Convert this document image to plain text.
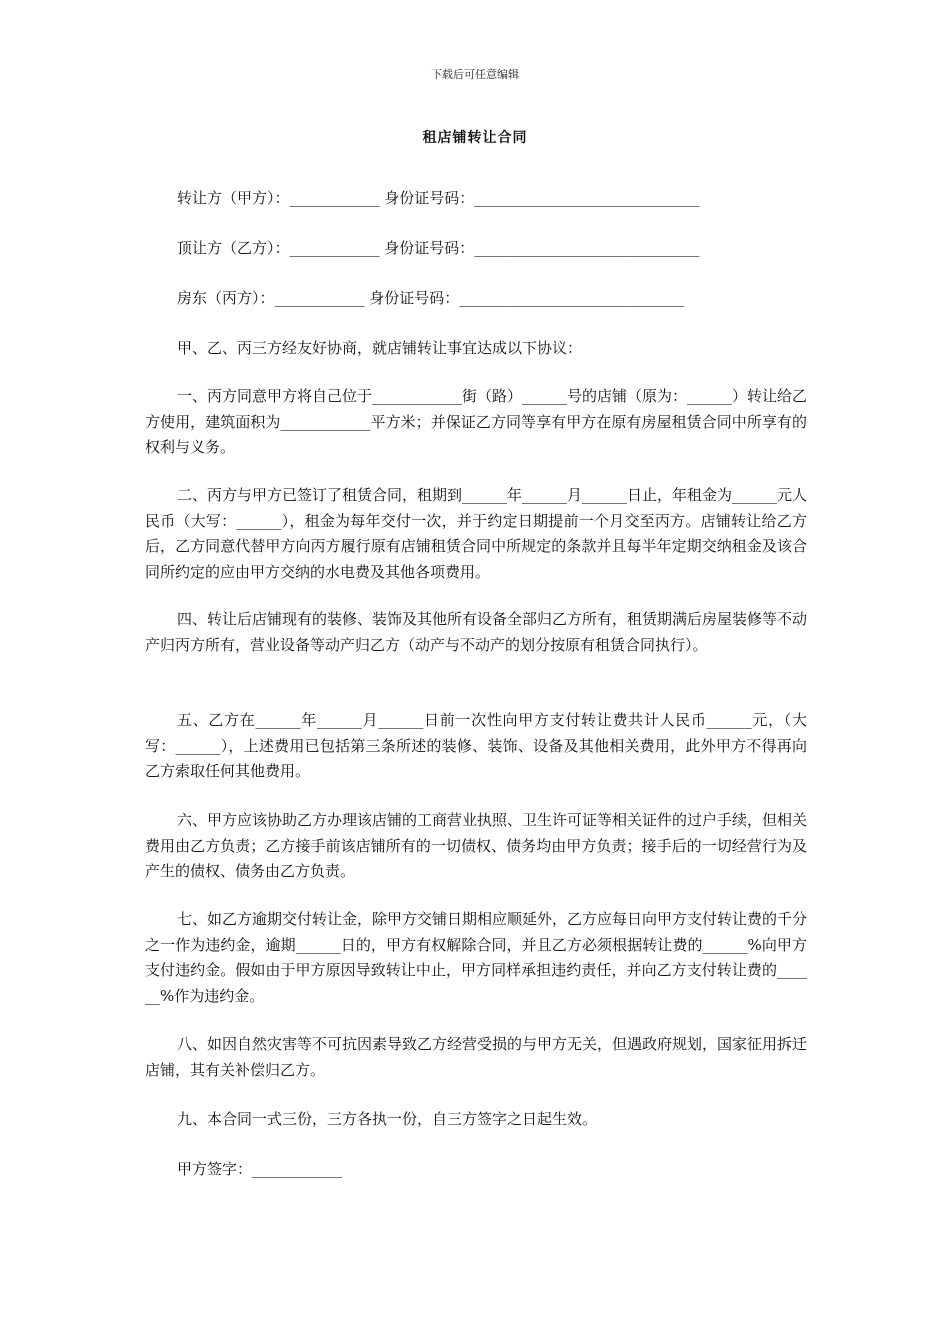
下载后可任意编辑
租店铺转让合同
转让方（甲方）：____________ 身份证号码：______________________________
顶让方（乙方）：____________ 身份证号码：______________________________
房东（丙方）：____________ 身份证号码：______________________________
甲、乙、丙三方经友好协商，就店铺转让事宜达成以下协议：
一、丙方同意甲方将自己位于____________街（路）______号的店铺（原为：______）转让给乙方使用，建筑面积为____________平方米；并保证乙方同等享有甲方在原有房屋租赁合同中所享有的权利与义务。
二、丙方与甲方已签订了租赁合同，租期到______年______月______日止，年租金为______元人民币（大写：______），租金为每年交付一次，并于约定日期提前一个月交至丙方。店铺转让给乙方后，乙方同意代替甲方向丙方履行原有店铺租赁合同中所规定的条款并且每半年定期交纳租金及该合同所约定的应由甲方交纳的水电费及其他各项费用。
四、转让后店铺现有的装修、装饰及其他所有设备全部归乙方所有，租赁期满后房屋装修等不动产归丙方所有，营业设备等动产归乙方（动产与不动产的划分按原有租赁合同执行）。
五、乙方在______年______月______日前一次性向甲方支付转让费共计人民币______元，（大写：______），上述费用已包括第三条所述的装修、装饰、设备及其他相关费用，此外甲方不得再向乙方索取任何其他费用。
六、甲方应该协助乙方办理该店铺的工商营业执照、卫生许可证等相关证件的过户手续，但相关费用由乙方负责；乙方接手前该店铺所有的一切债权、债务均由甲方负责；接手后的一切经营行为及产生的债权、债务由乙方负责。
七、如乙方逾期交付转让金，除甲方交铺日期相应顺延外，乙方应每日向甲方支付转让费的千分之一作为违约金，逾期______日的，甲方有权解除合同，并且乙方必须根据转让费的______%向甲方支付违约金。假如由于甲方原因导致转让中止，甲方同样承担违约责任，并向乙方支付转让费的______%作为违约金。
八、如因自然灾害等不可抗因素导致乙方经营受损的与甲方无关，但遇政府规划，国家征用拆迁店铺，其有关补偿归乙方。
九、本合同一式三份，三方各执一份，自三方签字之日起生效。
甲方签字：____________
